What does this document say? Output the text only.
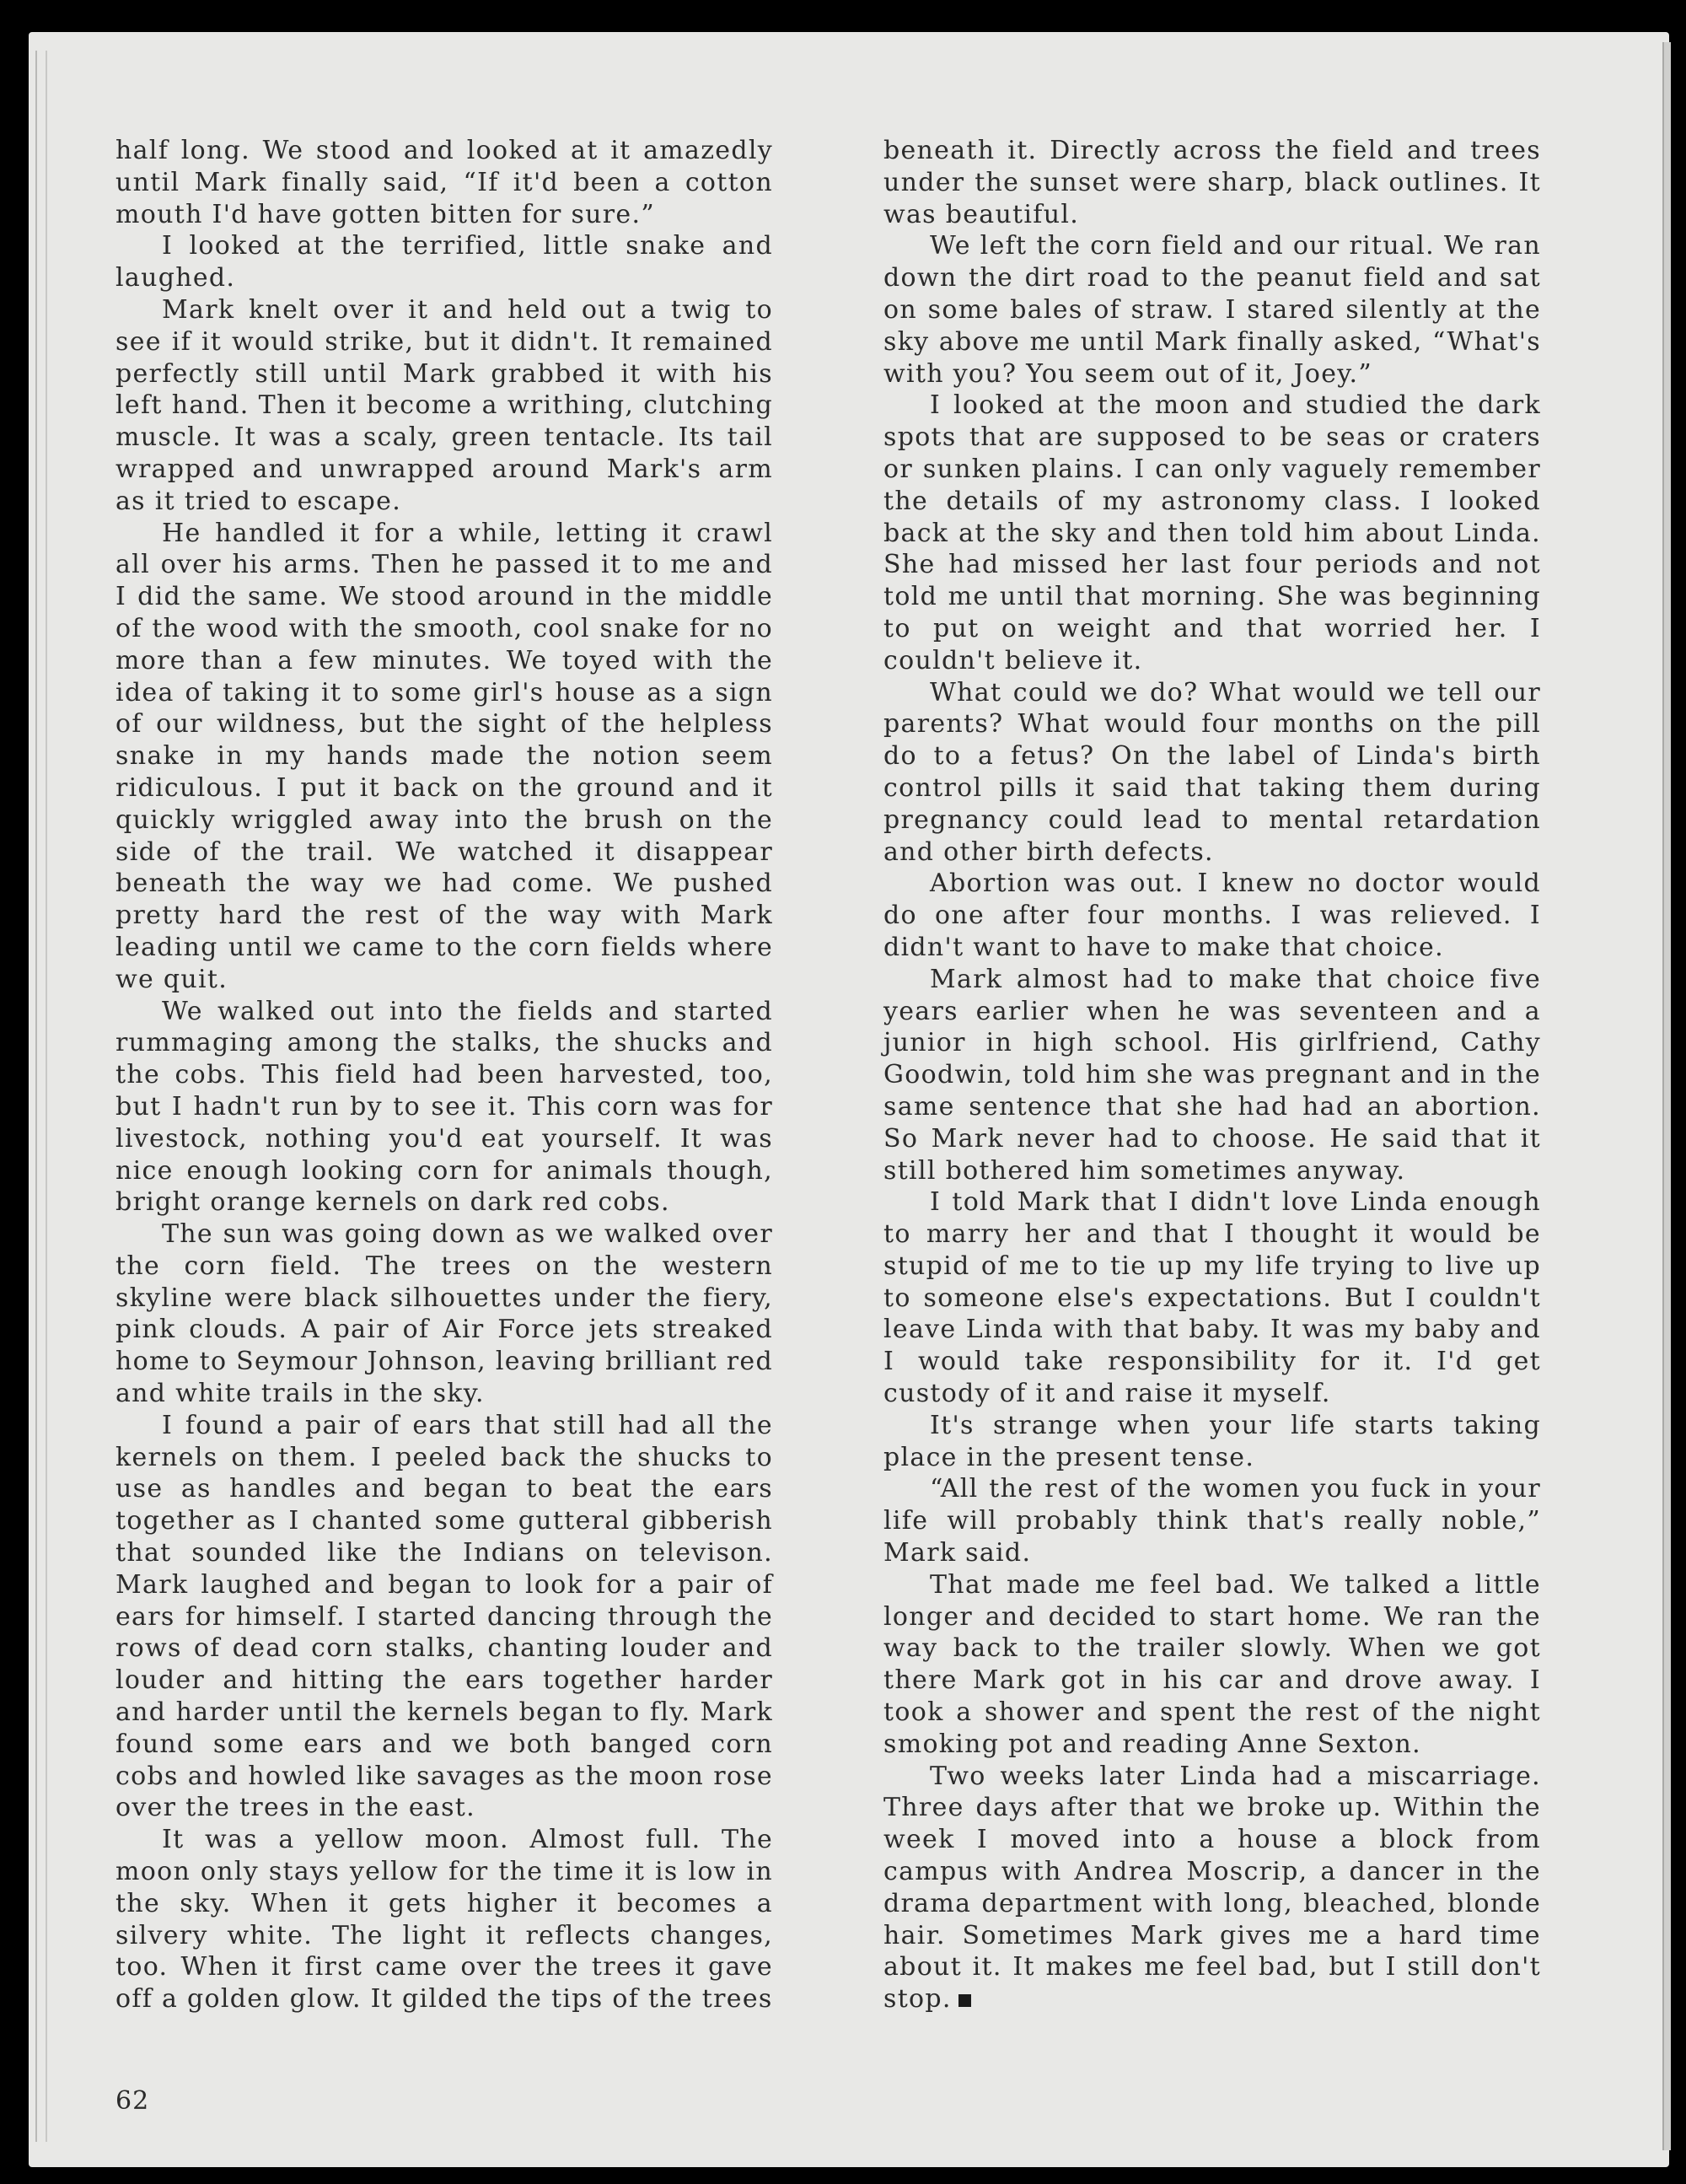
half long. We stood and looked at it amazedly until Mark finally said, “If it'd been a cotton mouth I'd have gotten bitten for sure.”

I looked at the terrified, little snake and laughed.

Mark knelt over it and held out a twig to see if it would strike, but it didn't. It remained perfectly still until Mark grabbed it with his left hand. Then it become a writhing, clutching muscle. It was a scaly, green tentacle. Its tail wrapped and unwrapped around Mark's arm as it tried to escape.

He handled it for a while, letting it crawl all over his arms. Then he passed it to me and I did the same. We stood around in the middle of the wood with the smooth, cool snake for no more than a few minutes. We toyed with the idea of taking it to some girl's house as a sign of our wildness, but the sight of the helpless snake in my hands made the notion seem ridiculous. I put it back on the ground and it quickly wriggled away into the brush on the side of the trail. We watched it disappear beneath the way we had come. We pushed pretty hard the rest of the way with Mark leading until we came to the corn fields where we quit.

We walked out into the fields and started rummaging among the stalks, the shucks and the cobs. This field had been harvested, too, but I hadn't run by to see it. This corn was for livestock, nothing you'd eat yourself. It was nice enough looking corn for animals though, bright orange kernels on dark red cobs.

The sun was going down as we walked over the corn field. The trees on the western skyline were black silhouettes under the fiery, pink clouds. A pair of Air Force jets streaked home to Seymour Johnson, leaving brilliant red and white trails in the sky.

I found a pair of ears that still had all the kernels on them. I peeled back the shucks to use as handles and began to beat the ears together as I chanted some gutteral gibberish that sounded like the Indians on televison. Mark laughed and began to look for a pair of ears for himself. I started dancing through the rows of dead corn stalks, chanting louder and louder and hitting the ears together harder and harder until the kernels began to fly. Mark found some ears and we both banged corn cobs and howled like savages as the moon rose over the trees in the east.

It was a yellow moon. Almost full. The moon only stays yellow for the time it is low in the sky. When it gets higher it becomes a silvery white. The light it reflects changes, too. When it first came over the trees it gave off a golden glow. It gilded the tips of the trees

beneath it. Directly across the field and trees under the sunset were sharp, black outlines. It was beautiful.

We left the corn field and our ritual. We ran down the dirt road to the peanut field and sat on some bales of straw. I stared silently at the sky above me until Mark finally asked, “What's with you? You seem out of it, Joey.”

I looked at the moon and studied the dark spots that are supposed to be seas or craters or sunken plains. I can only vaguely remember the details of my astronomy class. I looked back at the sky and then told him about Linda. She had missed her last four periods and not told me until that morning. She was beginning to put on weight and that worried her. I couldn't believe it.

What could we do? What would we tell our parents? What would four months on the pill do to a fetus? On the label of Linda's birth control pills it said that taking them during pregnancy could lead to mental retardation and other birth defects.

Abortion was out. I knew no doctor would do one after four months. I was relieved. I didn't want to have to make that choice.

Mark almost had to make that choice five years earlier when he was seventeen and a junior in high school. His girlfriend, Cathy Goodwin, told him she was pregnant and in the same sentence that she had had an abortion. So Mark never had to choose. He said that it still bothered him sometimes anyway.

I told Mark that I didn't love Linda enough to marry her and that I thought it would be stupid of me to tie up my life trying to live up to someone else's expectations. But I couldn't leave Linda with that baby. It was my baby and I would take responsibility for it. I'd get custody of it and raise it myself.

It's strange when your life starts taking place in the present tense.

“All the rest of the women you fuck in your life will probably think that's really noble,” Mark said.

That made me feel bad. We talked a little longer and decided to start home. We ran the way back to the trailer slowly. When we got there Mark got in his car and drove away. I took a shower and spent the rest of the night smoking pot and reading Anne Sexton.

Two weeks later Linda had a miscarriage. Three days after that we broke up. Within the week I moved into a house a block from campus with Andrea Moscrip, a dancer in the drama department with long, bleached, blonde hair. Sometimes Mark gives me a hard time about it. It makes me feel bad, but I still don't stop.

62
